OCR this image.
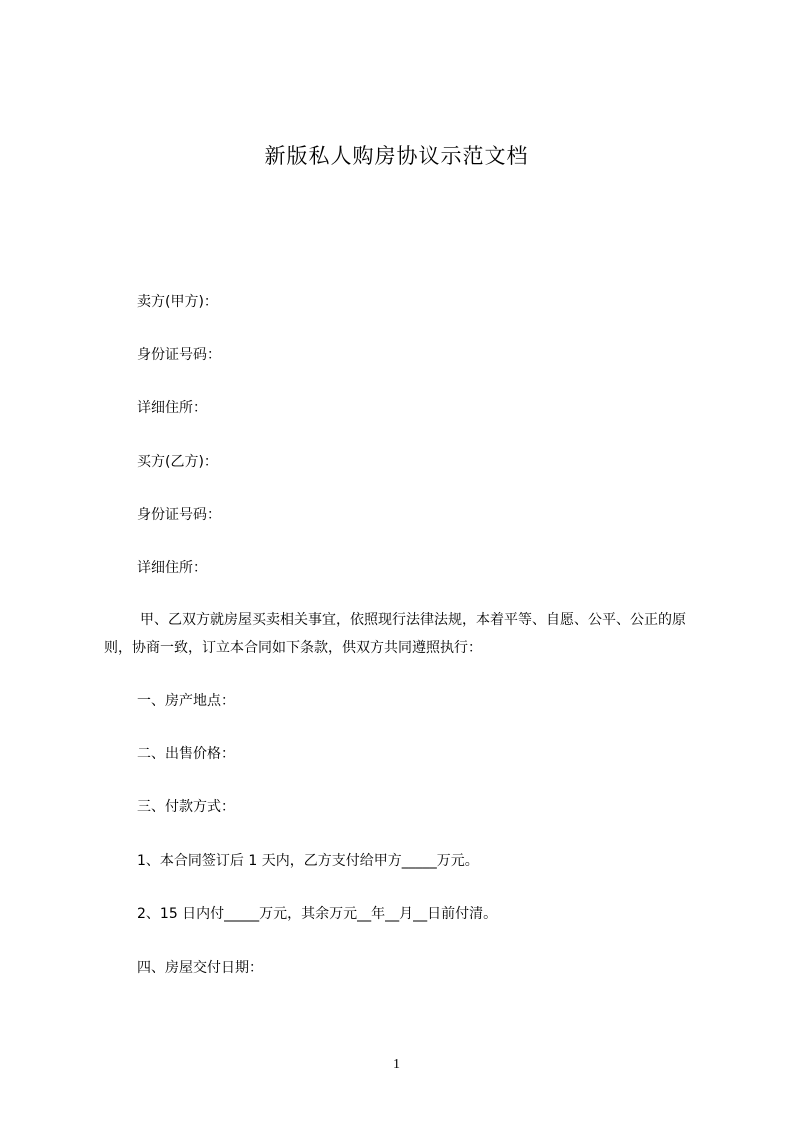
新版私人购房协议示范文档
卖方(甲方)：
身份证号码：
详细住所：
买方(乙方)：
身份证号码：
详细住所：
甲、乙双方就房屋买卖相关事宜，依照现行法律法规，本着平等、自愿、公平、公正的原则，协商一致，订立本合同如下条款，供双方共同遵照执行：
一、房产地点：
二、出售价格：
三、付款方式：
1、本合同签订后 1 天内，乙方支付给甲方_____万元。
2、15 日内付_____万元，其余万元__年__月__日前付清。
四、房屋交付日期：
1
